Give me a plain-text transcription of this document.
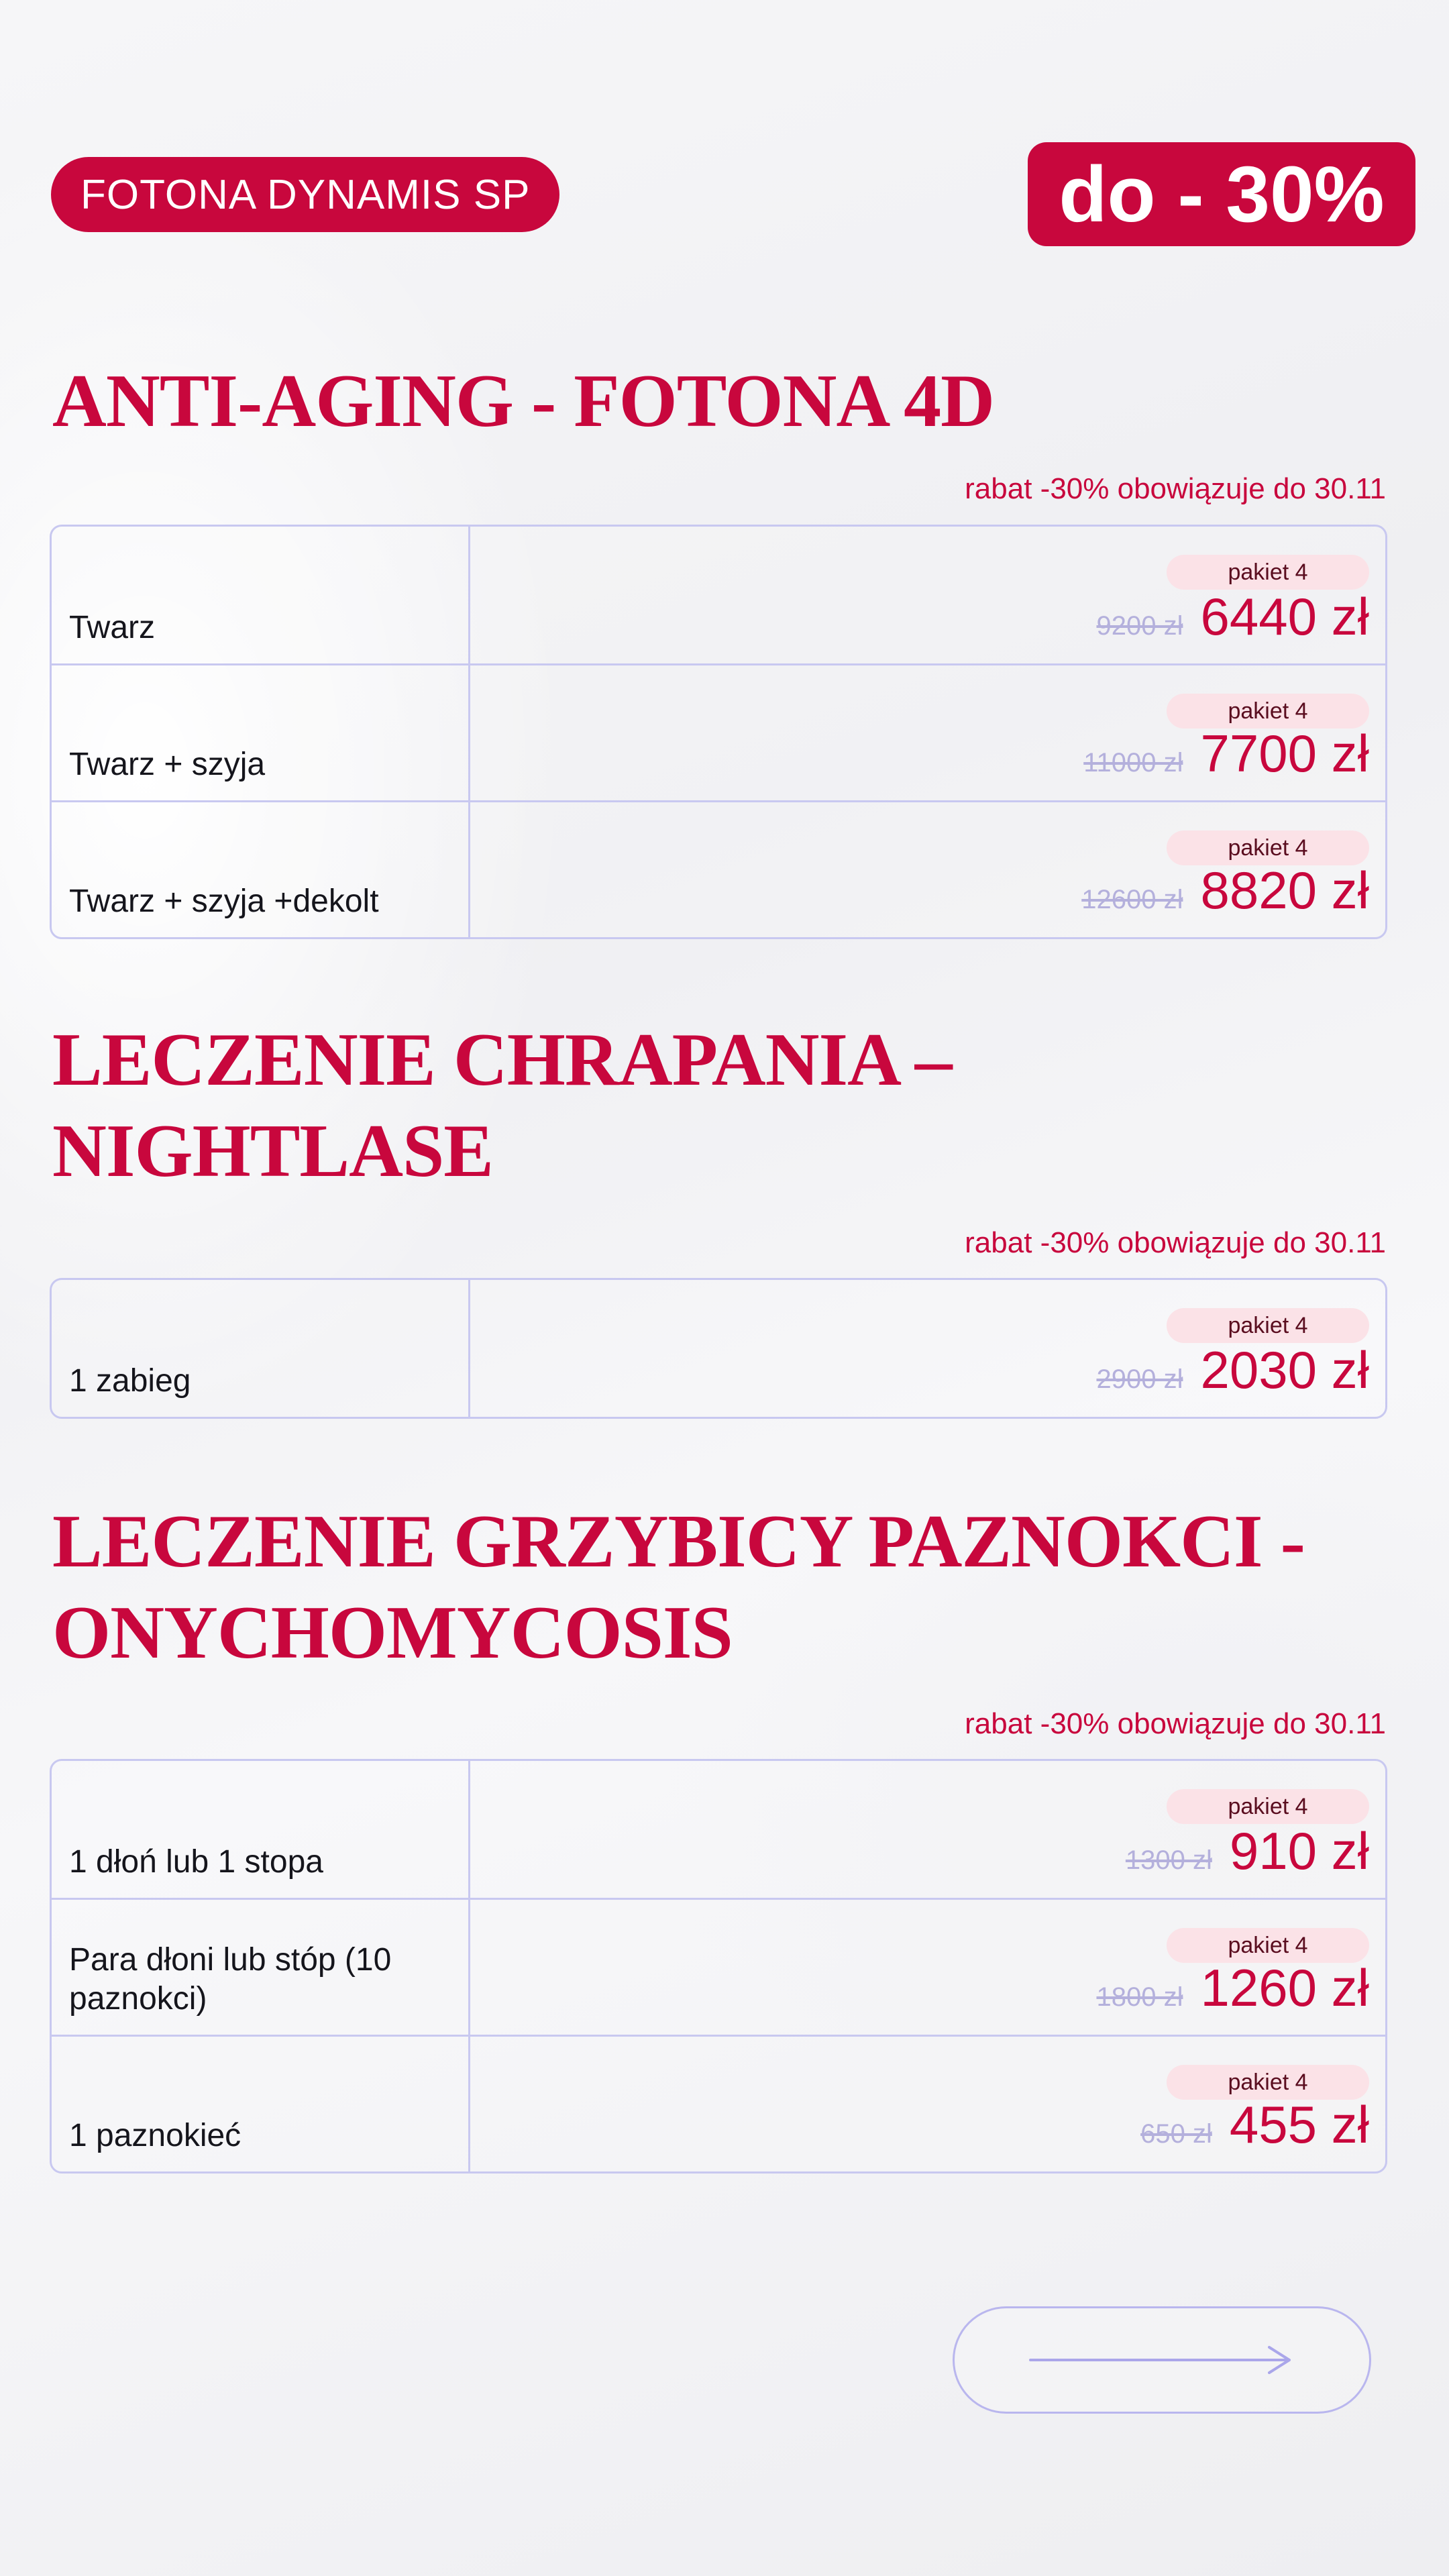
FOTONA DYNAMIS SP	do - 30%
ANTI-AGING - FOTONA 4D
rabat -30% obowiązuje do 30.11
Twarz
pakiet 4
9200 zł 6440 zł
Twarz + szyja
pakiet 4
11000 zł 7700 zł
Twarz + szyja +dekolt
pakiet 4
12600 zł 8820 zł
LECZENIE CHRAPANIA –
NIGHTLASE
rabat -30% obowiązuje do 30.11
1 zabieg
pakiet 4
2900 zł 2030 zł
LECZENIE GRZYBICY PAZNOKCI -
ONYCHOMYCOSIS
rabat -30% obowiązuje do 30.11
1 dłoń lub 1 stopa
pakiet 4
1300 zł 910 zł
Para dłoni lub stóp (10 paznokci)
pakiet 4
1800 zł 1260 zł
1 paznokieć
pakiet 4
650 zł 455 zł
